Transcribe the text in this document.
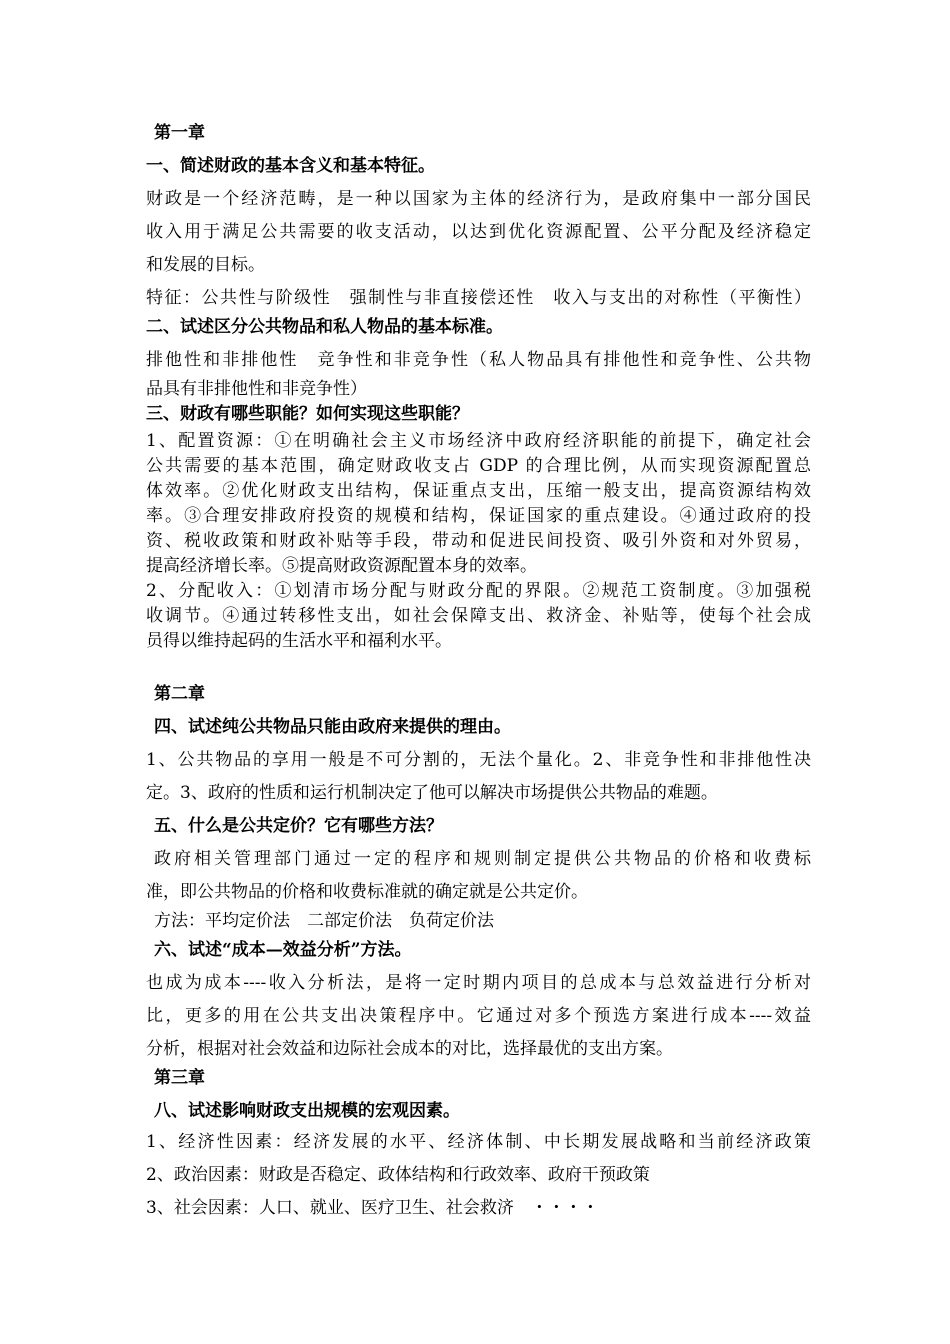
第一章
一、简述财政的基本含义和基本特征。
财政是一个经济范畴，是一种以国家为主体的经济行为，是政府集中一部分国民
收入用于满足公共需要的收支活动，以达到优化资源配置、公平分配及经济稳定
和发展的目标。
特征：公共性与阶级性　强制性与非直接偿还性　收入与支出的对称性（平衡性）
二、试述区分公共物品和私人物品的基本标准。
排他性和非排他性　竞争性和非竞争性（私人物品具有排他性和竞争性、公共物
品具有非排他性和非竞争性）
三、财政有哪些职能？如何实现这些职能？
1、配置资源：①在明确社会主义市场经济中政府经济职能的前提下，确定社会
公共需要的基本范围，确定财政收支占 GDP 的合理比例，从而实现资源配置总
体效率。②优化财政支出结构，保证重点支出，压缩一般支出，提高资源结构效
率。③合理安排政府投资的规模和结构，保证国家的重点建设。④通过政府的投
资、税收政策和财政补贴等手段，带动和促进民间投资、吸引外资和对外贸易，
提高经济增长率。⑤提高财政资源配置本身的效率。
2、分配收入：①划清市场分配与财政分配的界限。②规范工资制度。③加强税
收调节。④通过转移性支出，如社会保障支出、救济金、补贴等，使每个社会成
员得以维持起码的生活水平和福利水平。
第二章
四、试述纯公共物品只能由政府来提供的理由。
1、公共物品的享用一般是不可分割的，无法个量化。2、非竞争性和非排他性决
定。3、政府的性质和运行机制决定了他可以解决市场提供公共物品的难题。
五、什么是公共定价？它有哪些方法？
政府相关管理部门通过一定的程序和规则制定提供公共物品的价格和收费标
准，即公共物品的价格和收费标准就的确定就是公共定价。
方法：平均定价法　二部定价法　负荷定价法
六、试述“成本—效益分析”方法。
也成为成本----收入分析法，是将一定时期内项目的总成本与总效益进行分析对
比，更多的用在公共支出决策程序中。它通过对多个预选方案进行成本----效益
分析，根据对社会效益和边际社会成本的对比，选择最优的支出方案。
第三章
八、试述影响财政支出规模的宏观因素。
1、经济性因素：经济发展的水平、经济体制、中长期发展战略和当前经济政策
2、政治因素：财政是否稳定、政体结构和行政效率、政府干预政策
3、社会因素：人口、就业、医疗卫生、社会救济　・・・・
